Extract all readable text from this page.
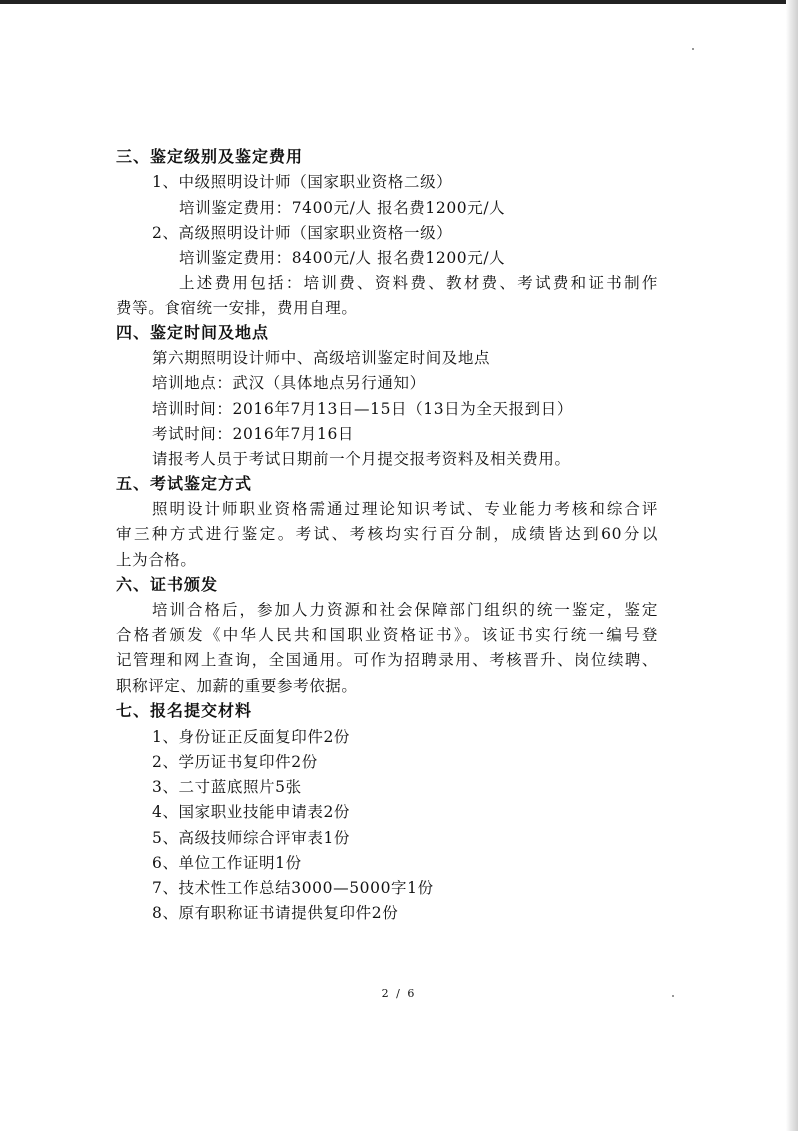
三、鉴定级别及鉴定费用
1、中级照明设计师（国家职业资格二级）
培训鉴定费用：7400元/人 报名费1200元/人
2、高级照明设计师（国家职业资格一级）
培训鉴定费用：8400元/人 报名费1200元/人
上述费用包括：培训费、资料费、教材费、考试费和证书制作
费等。食宿统一安排，费用自理。
四、鉴定时间及地点
第六期照明设计师中、高级培训鉴定时间及地点
培训地点：武汉（具体地点另行通知）
培训时间：2016年7月13日—15日（13日为全天报到日）
考试时间：2016年7月16日
请报考人员于考试日期前一个月提交报考资料及相关费用。
五、考试鉴定方式
照明设计师职业资格需通过理论知识考试、专业能力考核和综合评
审三种方式进行鉴定。考试、考核均实行百分制，成绩皆达到60分以
上为合格。
六、证书颁发
培训合格后，参加人力资源和社会保障部门组织的统一鉴定，鉴定
合格者颁发《中华人民共和国职业资格证书》。该证书实行统一编号登
记管理和网上查询，全国通用。可作为招聘录用、考核晋升、岗位续聘、
职称评定、加薪的重要参考依据。
七、报名提交材料
1、身份证正反面复印件2份
2、学历证书复印件2份
3、二寸蓝底照片5张
4、国家职业技能申请表2份
5、高级技师综合评审表1份
6、单位工作证明1份
7、技术性工作总结3000—5000字1份
8、原有职称证书请提供复印件2份
2 / 6
